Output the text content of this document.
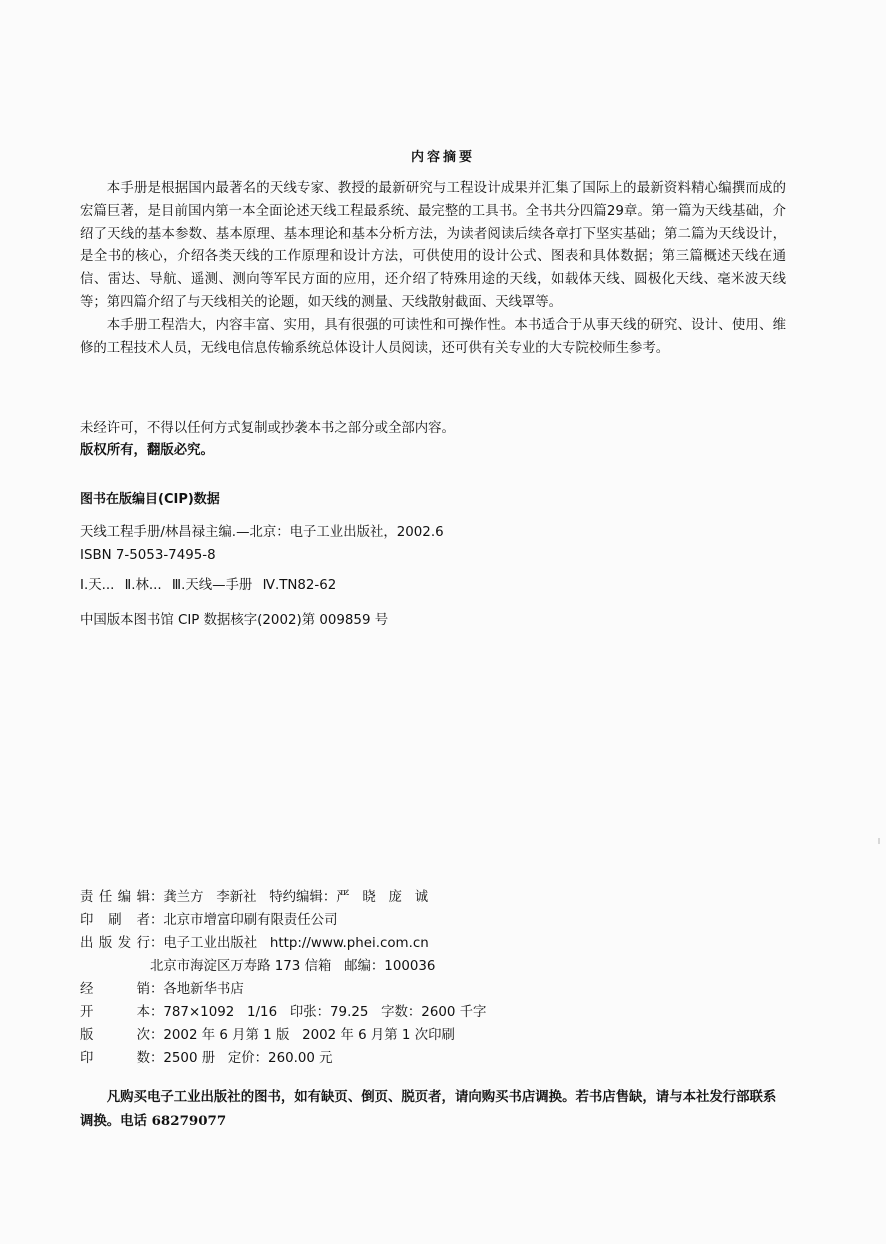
内容摘要

本手册是根据国内最著名的天线专家、教授的最新研究与工程设计成果并汇集了国际上的最新资料精心编撰而成的宏篇巨著，是目前国内第一本全面论述天线工程最系统、最完整的工具书。全书共分四篇29章。第一篇为天线基础，介绍了天线的基本参数、基本原理、基本理论和基本分析方法，为读者阅读后续各章打下坚实基础；第二篇为天线设计，是全书的核心，介绍各类天线的工作原理和设计方法，可供使用的设计公式、图表和具体数据；第三篇概述天线在通信、雷达、导航、遥测、测向等军民方面的应用，还介绍了特殊用途的天线，如载体天线、圆极化天线、毫米波天线等；第四篇介绍了与天线相关的论题，如天线的测量、天线散射截面、天线罩等。

本手册工程浩大，内容丰富、实用，具有很强的可读性和可操作性。本书适合于从事天线的研究、设计、使用、维修的工程技术人员，无线电信息传输系统总体设计人员阅读，还可供有关专业的大专院校师生参考。

未经许可，不得以任何方式复制或抄袭本书之部分或全部内容。
版权所有，翻版必究。
图书在版编目(CIP)数据
天线工程手册/林昌禄主编.—北京：电子工业出版社，2002.6
ISBN 7-5053-7495-8
Ⅰ.天... Ⅱ.林... Ⅲ.天线—手册 Ⅳ.TN82-62
中国版本图书馆 CIP 数据核字(2002)第 009859 号
责任编辑 ： 龚兰方   李新社   特约编辑：严   晓   庞   诚
印刷者 ： 北京市增富印刷有限责任公司
出版发行 ： 电子工业出版社   http://www.phei.com.cn
北京市海淀区万寿路 173 信箱   邮编：100036
经销 ： 各地新华书店
开本 ： 787×1092   1/16   印张：79.25   字数：2600 千字
版次 ： 2002 年 6 月第 1 版   2002 年 6 月第 1 次印刷
印数 ： 2500 册   定价：260.00 元
凡购买电子工业出版社的图书，如有缺页、倒页、脱页者，请向购买书店调换。若书店售缺，请与本社发行部联系调换。电话 68279077
